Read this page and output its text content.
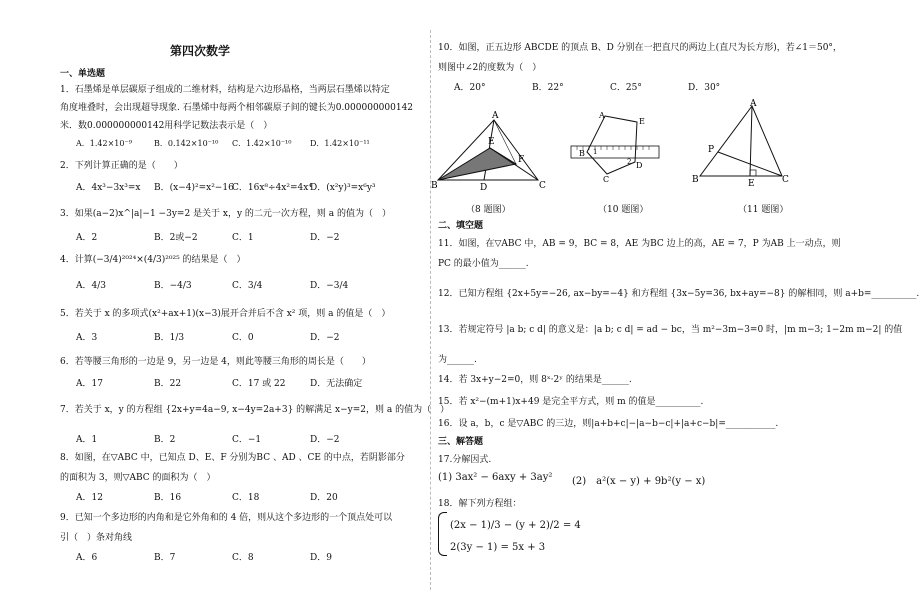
第四次数学
一、单选题
1．石墨烯是单层碳原子组成的二维材料，结构是六边形晶格，当两层石墨烯以特定
角度堆叠时，会出现超导现象. 石墨烯中每两个相邻碳原子间的键长为0.000000000142
米．数0.000000000142用科学记数法表示是（　）
A．1.42×10⁻⁹	B．0.142×10⁻¹⁰	C．1.42×10⁻¹⁰	D．1.42×10⁻¹¹
2．下列计算正确的是（　　）
A．4x³−3x³=x	B．(x−4)²=x²−16
C．16x⁸÷4x²=4x⁴
D．(x²y)³=x⁶y³
3．如果(a−2)x^|a|−1 −3y=2 是关于 x，y 的二元一次方程，则 a 的值为（　）
A．2	B．2或−2	C．1	D．−2
4．计算(−3/4)²⁰²⁴×(4/3)²⁰²⁵ 的结果是（　）
A．4/3	B．−4/3	C．3/4	D．−3/4
5．若关于 x 的多项式(x²+ax+1)(x−3)展开合并后不含 x² 项，则 a 的值是（　）
A．3	B．1/3	C．0	D．−2
6．若等腰三角形的一边是 9，另一边是 4，则此等腰三角形的周长是（　　）
A．17	B．22	C．17 或 22	D．无法确定
7．若关于 x，y 的方程组 {2x+y=4a−9, x−4y=2a+3} 的解满足 x−y=2，则 a 的值为（　）
A．1	B．2	C．−1	D．−2
8．如图，在▽ABC 中，已知点 D、E、F 分别为BC 、AD 、CE 的中点，若阴影部分
的面积为 3，则▽ABC 的面积为（　）
A．12	B．16	C．18	D．20
9．已知一个多边形的内角和是它外角和的 4 倍，则从这个多边形的一个顶点处可以
引（　）条对角线
A．6	B．7	C．8	D．9
10．如图，正五边形 ABCDE 的顶点 B、D 分别在一把直尺的两边上(直尺为长方形)，若∠1＝50°，
则图中∠2的度数为（　）
A．20°	B．22°	C．25°	D．30°
A
B	C
D
E
F
A
B
C
D
E
1
2
A
B	C
E
P
（8 题图）	（10 题图）	（11 题图）
二、填空题
11．如图，在▽ABC 中，AB = 9，BC = 8，AE 为BC 边上的高，AE = 7，P 为AB 上一动点，则
PC 的最小值为______.
12．已知方程组 {2x+5y=−26, ax−by=−4} 和方程组 {3x−5y=36, bx+ay=−8} 的解相同，则 a+b=__________.
13．若规定符号 |a b; c d| 的意义是：|a b; c d| = ad − bc，当 m²−3m−3=0 时，|m m−3; 1−2m m−2| 的值
为______.
14．若 3x+y−2=0，则 8ˣ·2ʸ 的结果是______.
15．若 x²−(m+1)x+49 是完全平方式，则 m 的值是__________.
16．设 a，b，c 是▽ABC 的三边，则|a+b+c|−|a−b−c|+|a+c−b|=___________.
三、解答题
17.分解因式.
(1) 3ax² − 6axy + 3ay² (2)　a²(x − y) + 9b²(y − x)
18．解下列方程组：
(2x − 1)/3 − (y + 2)/2 = 4
2(3y − 1) = 5x + 3
